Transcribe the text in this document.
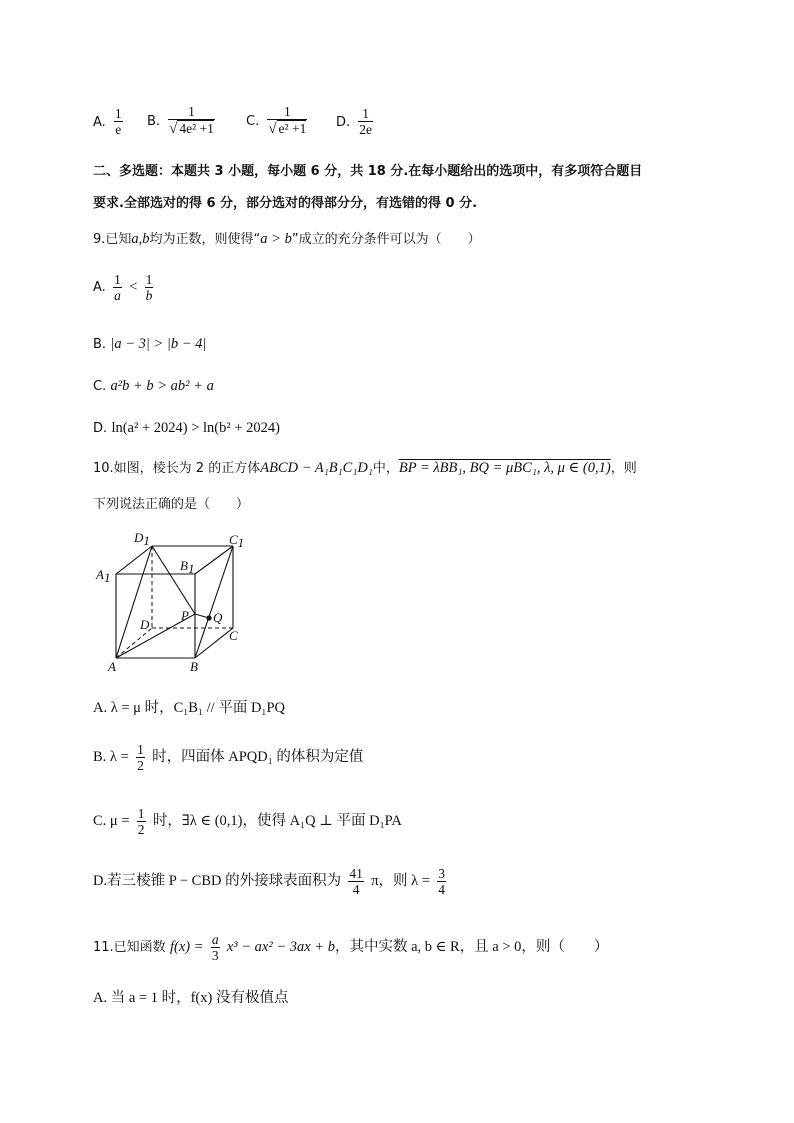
A. $\frac{1}{e} B$. $\frac{1}{\text{√ 4e² +1}} C$. $\frac{1}{\text{√ e² +1}} D$. $\frac{1}{2e}$
二、多选题：本题共 3 小题，每小题 6 分，共 18 分.在每小题给出的选项中，有多项符合题目
要求.全部选对的得 6 分，部分选对的得部分分，有选错的得 0 分.
9.已知a,b均为正数，则使得“a > b”成立的充分条件可以为（　　）
A. $\frac{1}{a} < \frac{1}{b}$
B. |a − 3| > |b − 4|
C. a²b + b > ab² + a
D. ln(a² + 2024) > ln(b² + 2024)
10.如图，棱长为 2 的正方体ABCD − A₁B₁C₁D₁中，BP = λBB₁, BQ = μBC₁, λ, μ ∈ (0,1)，则
下列说法正确的是（　　）
D1	C1
A1
B1
D
P Q
C
A	B
A. λ = μ 时，C₁B₁ // 平面 D₁PQ
B. $\lambda = \frac{1}{2}$ 时，四面体 APQD₁ 的体积为定值
C. $\mu = \frac{1}{2}$ 时，∃λ ∈ (0,1)，使得 A₁Q ⊥ 平面 D₁PA
D.若三棱锥 P − CBD 的外接球表面积为 $\frac{41}{4}$ π，则 $\lambda = \frac{3}{4}$
11.已知函数 $f(x) = \frac{a}{3} x^3 - ax^2 - 3ax + b$，其中实数 a, b ∈ R，且 a > 0，则（　　）
A. 当 a = 1 时，f(x) 没有极值点
